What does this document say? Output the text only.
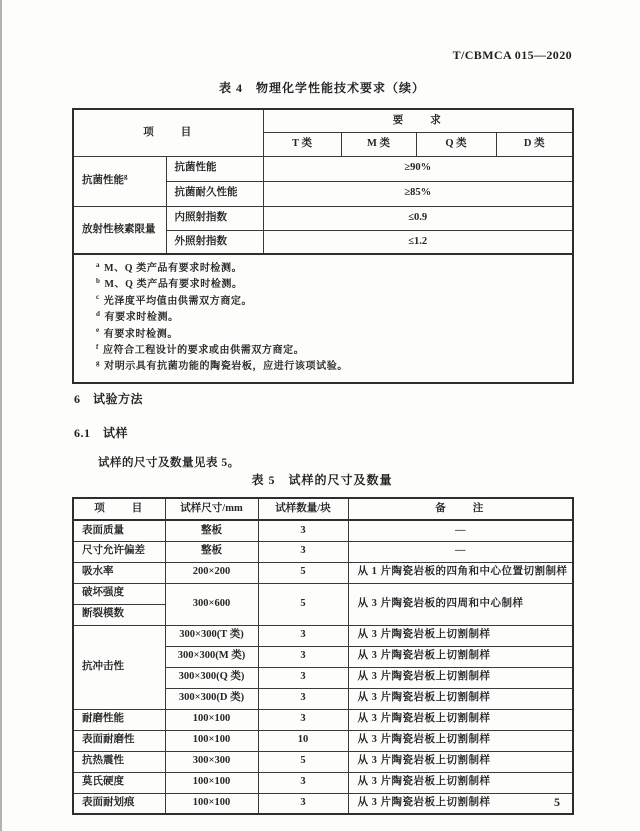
T/CBMCA 015—2020
表 4　物理化学性能技术要求（续）
项　　目		要　　求			
		T 类	M 类	Q 类	D 类
抗菌性能$^g$	抗菌性能	≥90%			
	抗菌耐久性能	≥85%			
放射性核素限量	内照射指数	≤0.9			
	外照射指数	≤1.2			

$^a$ M、Q 类产品有要求时检测。
$^b$ M、Q 类产品有要求时检测。
$^c$ 光泽度平均值由供需双方商定。
$^d$ 有要求时检测。
$^e$ 有要求时检测。
$^f$ 应符合工程设计的要求或由供需双方商定。
$^g$ 对明示具有抗菌功能的陶瓷岩板，应进行该项试验。
6　试验方法
6.1　试样
试样的尺寸及数量见表 5。
表 5　试样的尺寸及数量
项　　目	试样尺寸/mm	试样数量/块	备　　注
表面质量	整板	3	—
尺寸允许偏差	整板	3	—
吸水率	200×200	5	从 1 片陶瓷岩板的四角和中心位置切割制样
破坏强度	300×600	5	从 3 片陶瓷岩板的四周和中心制样
断裂模数			
抗冲击性	300×300(T 类)	3	从 3 片陶瓷岩板上切割制样
	300×300(M 类)	3	从 3 片陶瓷岩板上切割制样
	300×300(Q 类)	3	从 3 片陶瓷岩板上切割制样
	300×300(D 类)	3	从 3 片陶瓷岩板上切割制样
耐磨性能	100×100	3	从 3 片陶瓷岩板上切割制样
表面耐磨性	100×100	10	从 3 片陶瓷岩板上切割制样
抗热震性	300×300	5	从 3 片陶瓷岩板上切割制样
莫氏硬度	100×100	3	从 3 片陶瓷岩板上切割制样
表面耐划痕	100×100	3	从 3 片陶瓷岩板上切割制样	5
